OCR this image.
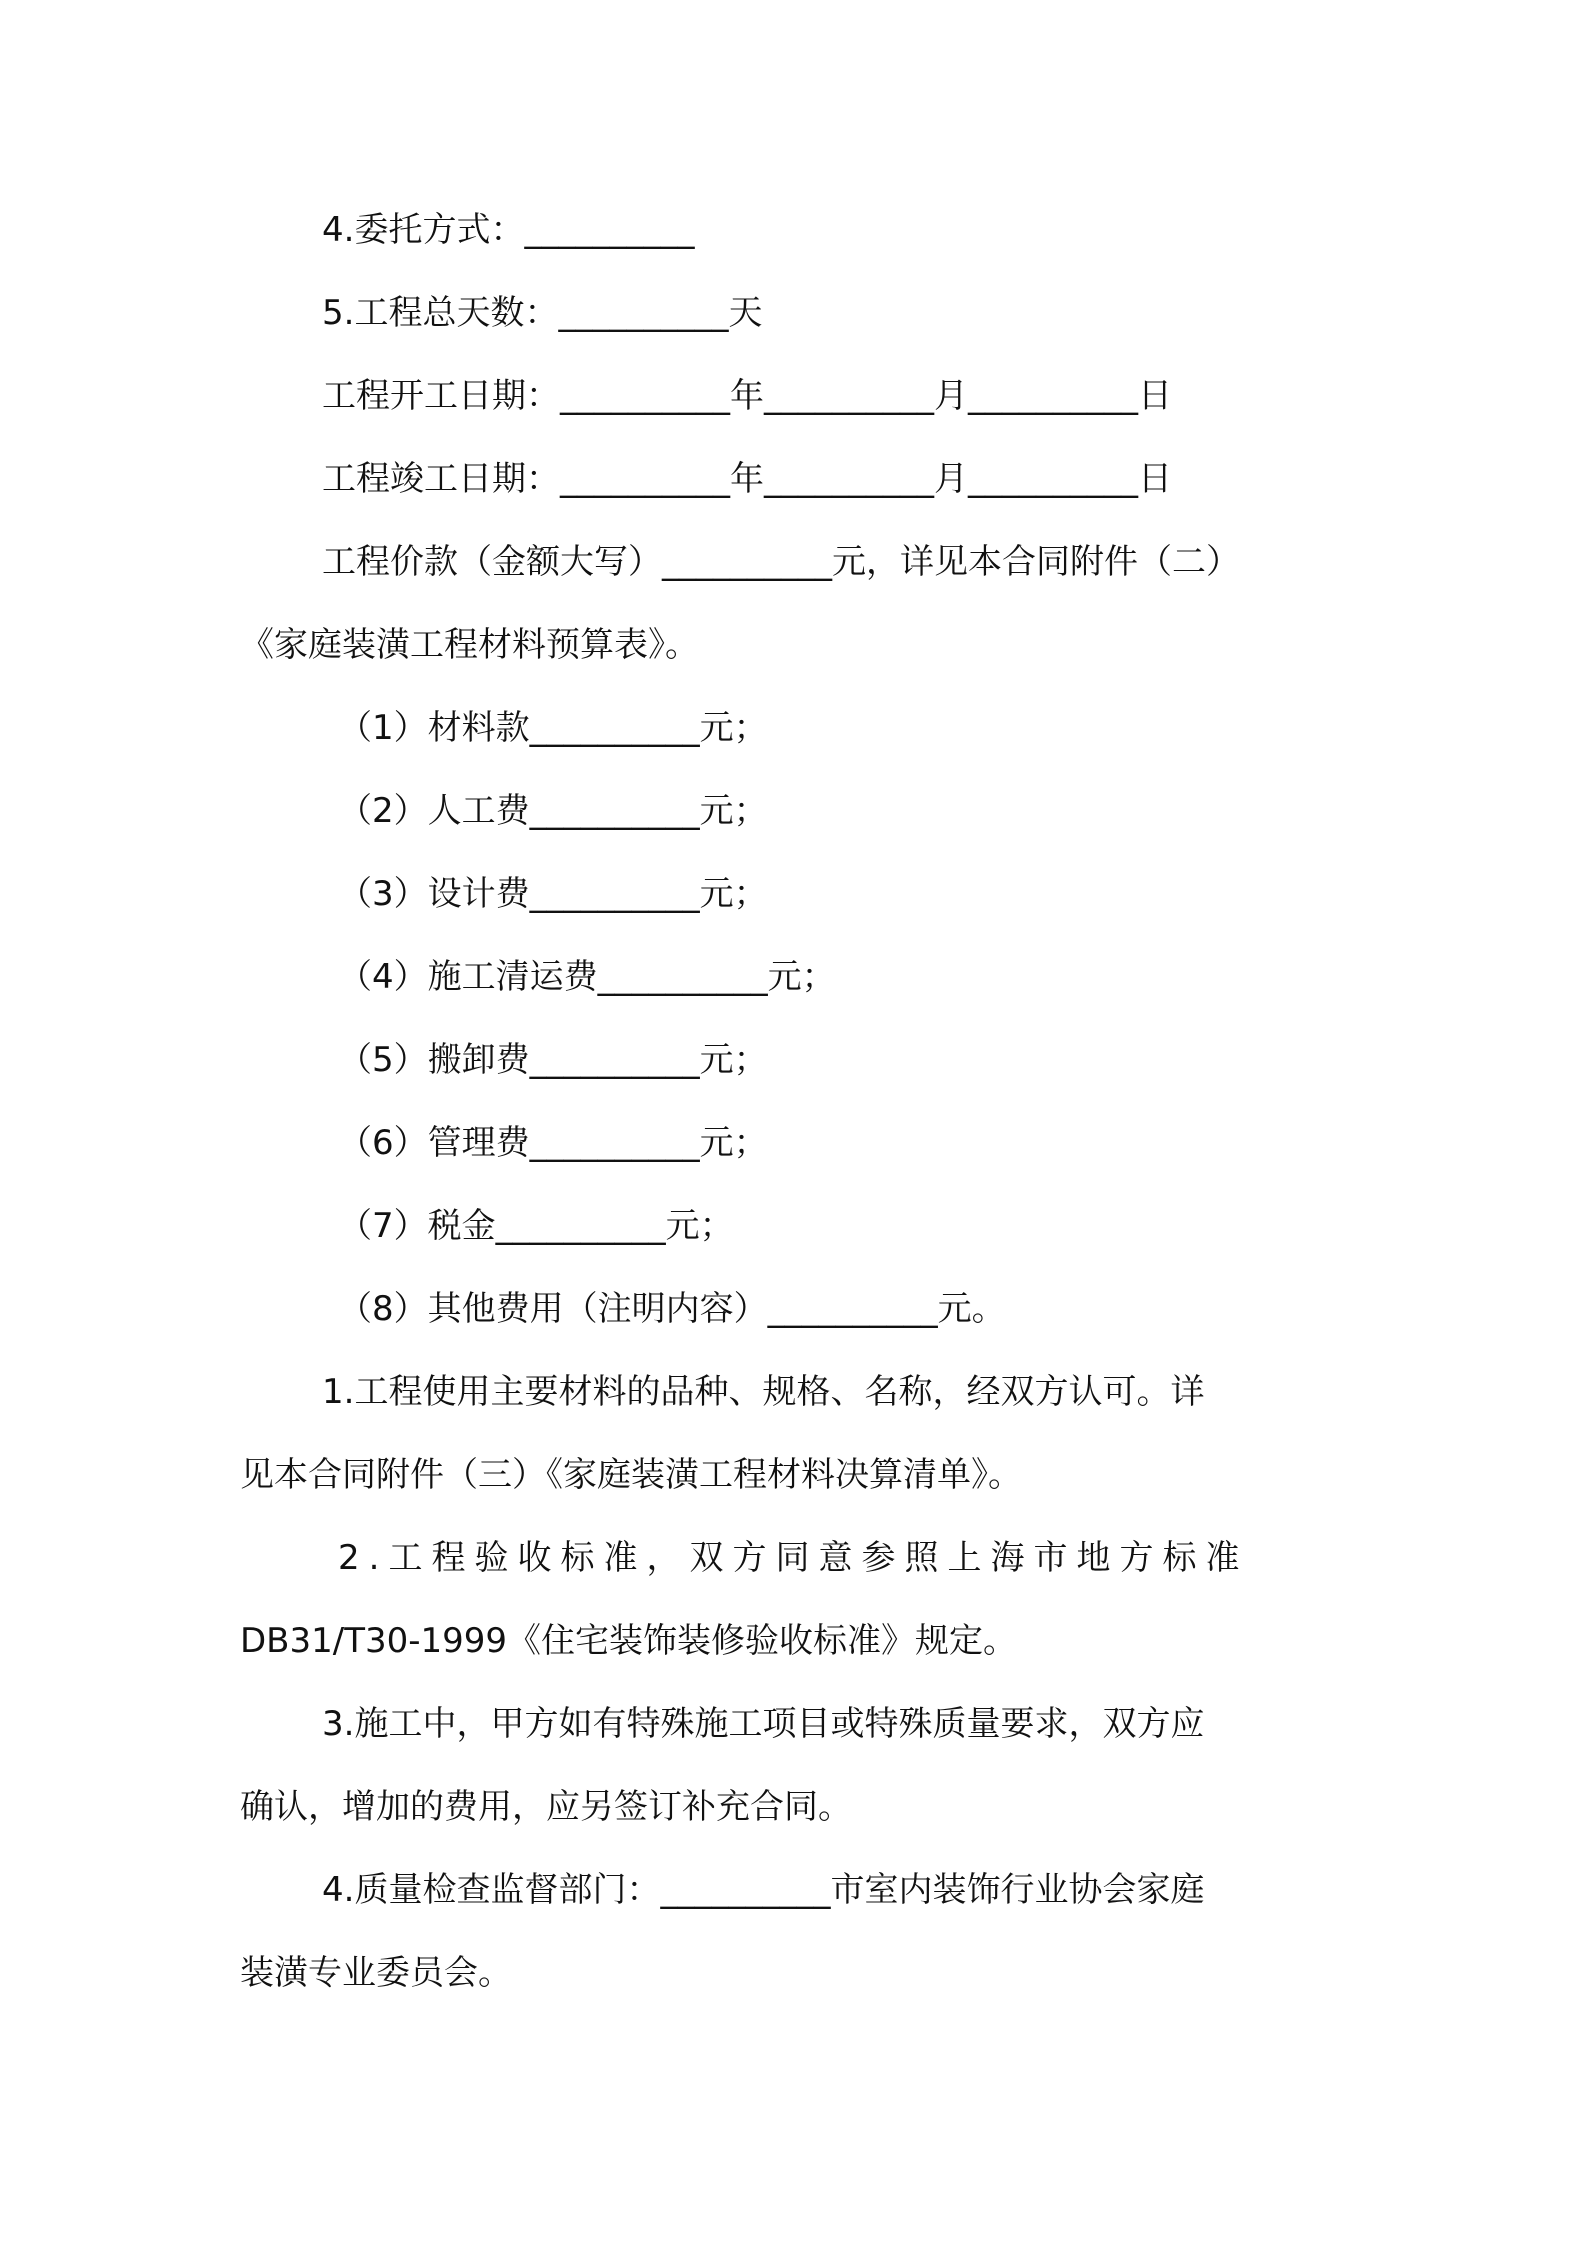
4.委托方式：__________

5.工程总天数：__________天

工程开工日期：__________年__________月__________日

工程竣工日期：__________年__________月__________日

工程价款（金额大写）__________元，详见本合同附件（二）

《家庭装潢工程材料预算表》。

（1）材料款__________元；

（2）人工费__________元；

（3）设计费__________元；

（4）施工清运费__________元；

（5）搬卸费__________元；

（6）管理费__________元；

（7）税金__________元；

（8）其他费用（注明内容）__________元。

1.工程使用主要材料的品种、规格、名称，经双方认可。详

见本合同附件（三）《家庭装潢工程材料决算清单》。

2.工程验收标准，双方同意参照上海市地方标准

DB31/T30-1999《住宅装饰装修验收标准》规定。

3.施工中，甲方如有特殊施工项目或特殊质量要求，双方应

确认，增加的费用，应另签订补充合同。

4.质量检查监督部门：__________市室内装饰行业协会家庭

装潢专业委员会。
